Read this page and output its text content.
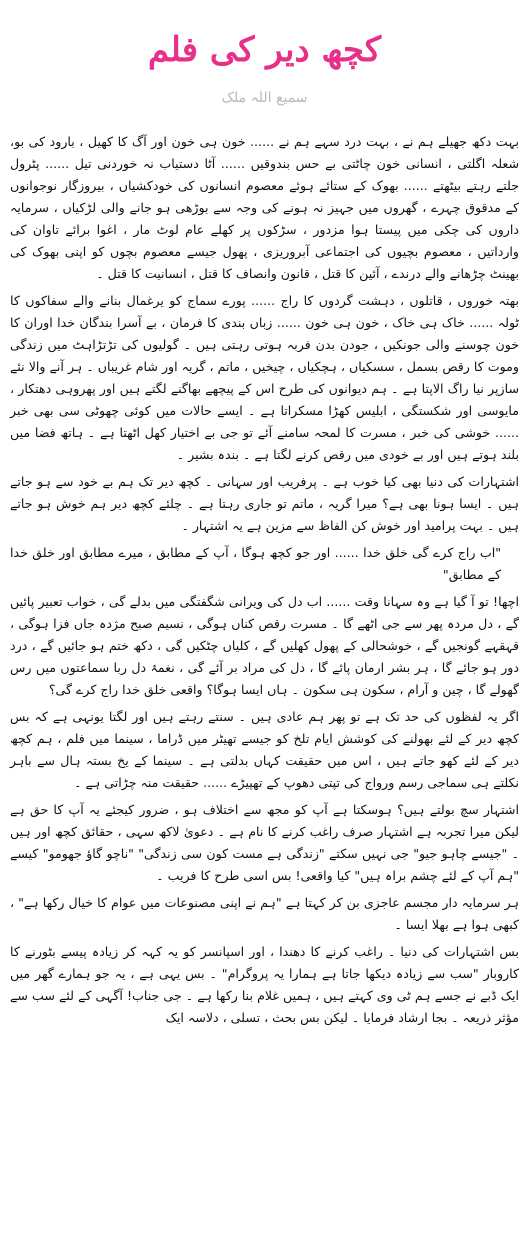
کچھ دیر کی فلم
سمیع اللہ ملک

بہت دکھ جھیلے ہم نے ، بہت درد سہے ہم نے ...... خون ہی خون اور آگ کا کھیل ، بارود کی بو، شعلہ اگلتی ، انسانی خون چاٹتی بے حس بندوقیں ...... آٹا دستیاب نہ خوردنی تیل ...... پٹرول جلتے رہتے بیٹھتے ...... بھوک کے ستائے ہوئے معصوم انسانوں کی خودکشیاں ، بیروزگار نوجوانوں کے مدقوق چہرے ، گھروں میں جہیز نہ ہونے کی وجہ سے بوڑھی ہو جانے والی لڑکیاں ، سرمایہ داروں کی چکی میں پیستا ہوا مزدور ، سڑکوں پر کھلے عام لوٹ مار ، اغوا برائے تاوان کی وارداتیں ، معصوم بچیوں کی اجتماعی آبروریزی ، پھول جیسے معصوم بچوں کو اپنی بھوک کی بھینٹ چڑھانے والے درندے ، آئین کا قتل ، قانون وانصاف کا قتل ، انسانیت کا قتل ۔

بھتہ خوروں ، قاتلوں ، دہشت گردوں کا راج ...... پورے سماج کو یرغمال بنانے والے سفاکوں کا ٹولہ ...... خاک ہی خاک ، خون ہی خون ...... زباں بندی کا فرمان ، بے آسرا بندگان خدا اوران کا خون چوسنے والی جونکیں ، جودن بدن فربہ ہوتی رہتی ہیں ۔ گولیوں کی تڑتڑاہٹ میں زندگی وموت کا رقص بسمل ، سسکیاں ، ہچکیاں ، چیخیں ، ماتم ، گریہ اور شام غریباں ۔ ہر آنے والا نئے سازپر نیا راگ الاپتا ہے ۔ ہم دیوانوں کی طرح اس کے پیچھے بھاگنے لگتے ہیں اور پھروہی دھتکار ، مایوسی اور شکستگی ، ابلیس کھڑا مسکراتا ہے ۔ ایسے حالات میں کوئی چھوٹی سی بھی خبر ...... خوشی کی خبر ، مسرت کا لمحہ سامنے آئے تو جی بے اختیار کھل اٹھتا ہے ۔ ہاتھ فضا میں بلند ہوتے ہیں اور بے خودی میں رقص کرنے لگتا ہے ۔ بندہ بشیر ۔

اشتہارات کی دنیا بھی کیا خوب ہے ۔ پرفریب اور سہانی ۔ کچھ دیر تک ہم بے خود سے ہو جاتے ہیں ۔ ایسا ہونا بھی ہے؟ میرا گریہ ، ماتم تو جاری رہتا ہے ۔ چلئے کچھ دیر ہم خوش ہو جاتے ہیں ۔ بہت پرامید اور خوش کن الفاظ سے مزین ہے یہ اشتہار ۔

"اب راج کرے گی خلق خدا ...... اور جو کچھ ہوگا ، آپ کے مطابق ، میرے مطابق اور خلق خدا کے مطابق"

اچھا! تو آ گیا ہے وہ سہانا وقت ...... اب دل کی ویرانی شگفتگی میں بدلے گی ، خواب تعبیر پائیں گے ، دل مردہ پھر سے جی اٹھے گا ۔ مسرت رقص کناں ہوگی ، نسیم صبح مژدہ جاں فزا ہوگی ، قہقہے گونجیں گے ، خوشحالی کے پھول کھلیں گے ، کلیاں چٹکیں گی ، دکھ ختم ہو جائیں گے ، درد دور ہو جائے گا ، ہر بشر ارمان پائے گا ، دل کی مراد بر آئے گی ، نغمۂ دل ربا سماعتوں میں رس گھولے گا ، چین و آرام ، سکون ہی سکون ۔ ہاں ایسا ہوگا؟ واقعی خلق خدا راج کرے گی؟

اگر یہ لفظوں کی حد تک ہے تو پھر ہم عادی ہیں ۔ سنتے رہتے ہیں اور لگتا یونہی ہے کہ بس کچھ دیر کے لئے بھولنے کی کوشش ایام تلخ کو جیسے تھیٹر میں ڈراما ، سینما میں فلم ، ہم کچھ دیر کے لئے کھو جاتے ہیں ، اس میں حقیقت کہاں بدلتی ہے ۔ سینما کے یخ بستہ ہال سے باہر نکلتے ہی سماجی رسم ورواج کی تپتی دھوپ کے تھپیڑے ...... حقیقت منہ چڑاتی ہے ۔

اشتہار سچ بولتے ہیں؟ ہوسکتا ہے آپ کو مجھ سے اختلاف ہو ، ضرور کیجئے یہ آپ کا حق ہے لیکن میرا تجربہ ہے اشتہار صرف راغب کرنے کا نام ہے ۔ دعویٰ لاکھ سہی ، حقائق کچھ اور ہیں ۔ "جیسے چاہو جیو" جی نہیں سکتے "زندگی ہے مست کون سی زندگی" "ناچو گاؤ جھومو" کیسے "ہم آپ کے لئے چشم براہ ہیں" کیا واقعی! بس اسی طرح کا فریب ۔

ہر سرمایہ دار مجسم عاجزی بن کر کہتا ہے "ہم نے اپنی مصنوعات میں عوام کا خیال رکھا ہے" ، کبھی ہوا ہے بھلا ایسا ۔

بس اشتہارات کی دنیا ۔ راغب کرنے کا دھندا ، اور اسپانسر کو یہ کہہ کر زیادہ پیسے بٹورنے کا کاروبار "سب سے زیادہ دیکھا جاتا ہے ہمارا یہ پروگرام" ۔ بس یہی ہے ، یہ جو ہمارے گھر میں ایک ڈبے نے جسے ہم ٹی وی کہتے ہیں ، ہمیں غلام بنا رکھا ہے ۔ جی جناب! آگہی کے لئے سب سے مؤثر ذریعہ ۔ بجا ارشاد فرمایا ۔ لیکن بس بحث ، تسلی ، دلاسہ ایک
